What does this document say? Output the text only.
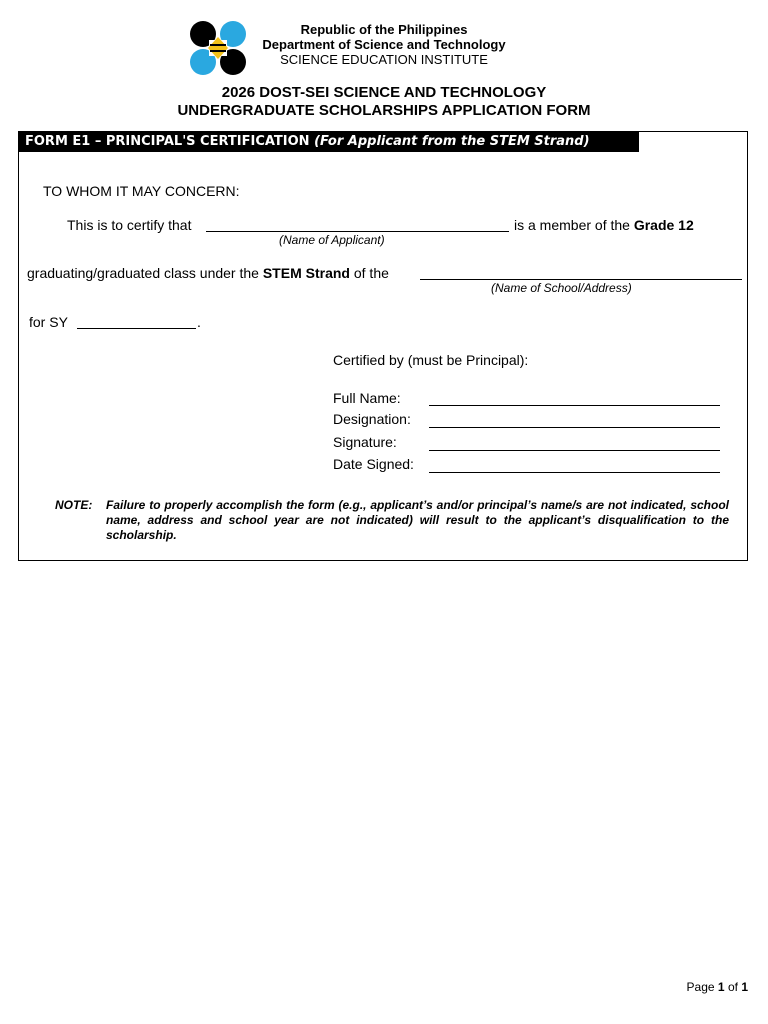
Republic of the Philippines
Department of Science and Technology
SCIENCE EDUCATION INSTITUTE
2026 DOST-SEI SCIENCE AND TECHNOLOGY
UNDERGRADUATE SCHOLARSHIPS APPLICATION FORM
FORM E1 – PRINCIPAL'S CERTIFICATION (For Applicant from the STEM Strand)
TO WHOM IT MAY CONCERN:
This is to certify that	is a member of the Grade 12
(Name of Applicant)
graduating/graduated class under the STEM Strand of the
(Name of School/Address)
for SY	.
Certified by (must be Principal):
Full Name:
Designation:
Signature:
Date Signed:
NOTE: Failure to properly accomplish the form (e.g., applicant’s and/or principal’s name/s are not indicated, school name, address and school year are not indicated) will result to the applicant’s disqualification to the scholarship.
Page 1 of 1
